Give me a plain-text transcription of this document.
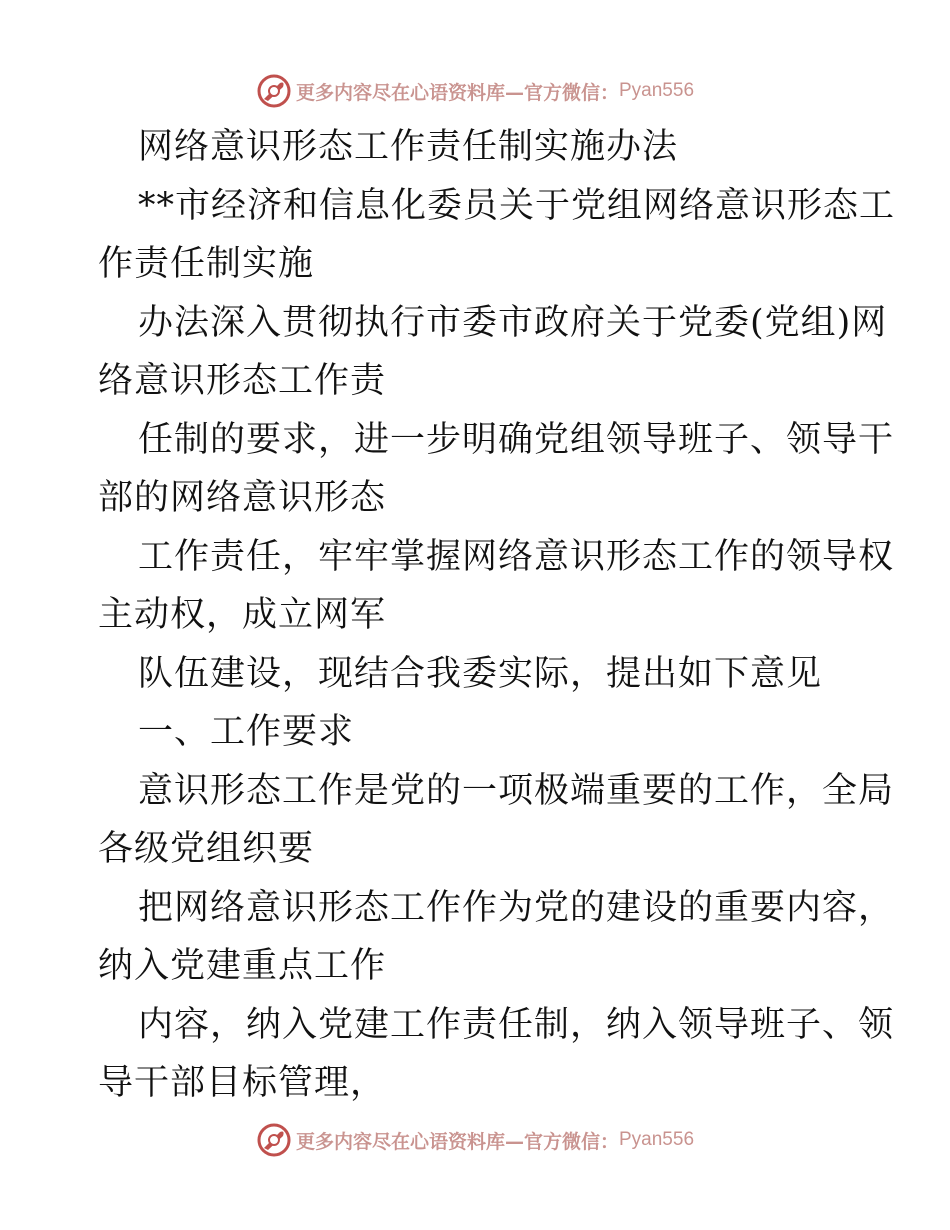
更多内容尽在心语资料库—官方微信： Pyan556

网络意识形态工作责任制实施办法

**市经济和信息化委员关于党组网络意识形态工
作责任制实施

办法深入贯彻执行市委市政府关于党委(党组)网
络意识形态工作责

任制的要求，进一步明确党组领导班子、领导干
部的网络意识形态

工作责任，牢牢掌握网络意识形态工作的领导权
主动权，成立网军

队伍建设，现结合我委实际，提出如下意见

一、工作要求

意识形态工作是党的一项极端重要的工作，全局
各级党组织要

把网络意识形态工作作为党的建设的重要内容，
纳入党建重点工作

内容，纳入党建工作责任制，纳入领导班子、领
导干部目标管理，

更多内容尽在心语资料库—官方微信： Pyan556
